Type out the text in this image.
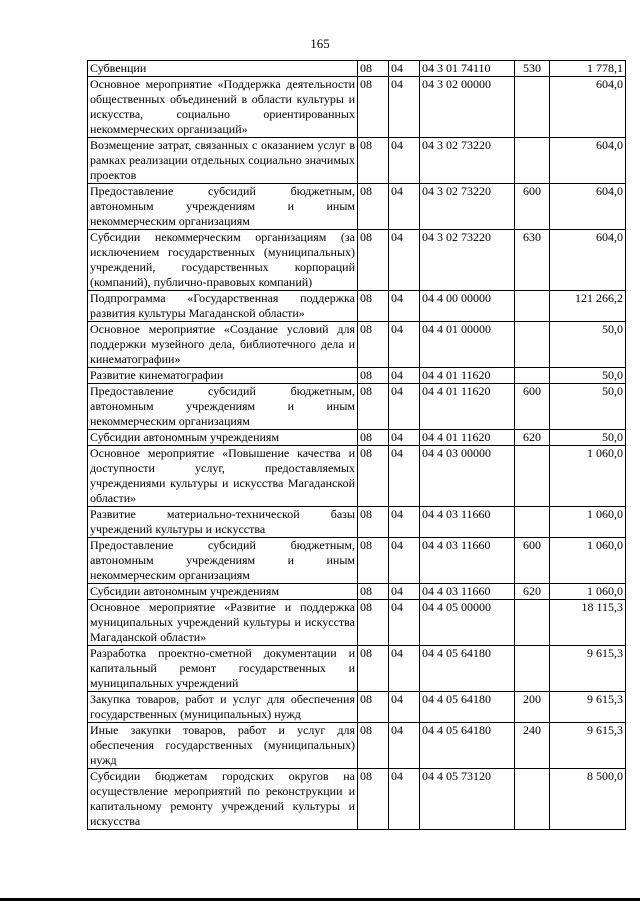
165
Субвенции	08	04	04 3 01 74110	530	1 778,1
Основное мероприятие «Поддержка деятельности общественных объединений в области культуры и искусства, социально ориентированных некоммерческих организаций»	08	04	04 3 02 00000		604,0
Возмещение затрат, связанных с оказанием услуг в рамках реализации отдельных социально значимых проектов	08	04	04 3 02 73220		604,0
Предоставление субсидий бюджетным, автономным учреждениям и иным некоммерческим организациям	08	04	04 3 02 73220	600	604,0
Субсидии некоммерческим организациям (за исключением государственных (муниципальных) учреждений, государственных корпораций (компаний), публично-правовых компаний)	08	04	04 3 02 73220	630	604,0
Подпрограмма «Государственная поддержка развития культуры Магаданской области»	08	04	04 4 00 00000		121 266,2
Основное мероприятие «Создание условий для поддержки музейного дела, библиотечного дела и кинематографии»	08	04	04 4 01 00000		50,0
Развитие кинематографии	08	04	04 4 01 11620		50,0
Предоставление субсидий бюджетным, автономным учреждениям и иным некоммерческим организациям	08	04	04 4 01 11620	600	50,0
Субсидии автономным учреждениям	08	04	04 4 01 11620	620	50,0
Основное мероприятие «Повышение качества и доступности услуг, предоставляемых учреждениями культуры и искусства Магаданской области»	08	04	04 4 03 00000		1 060,0
Развитие материально-технической базы учреждений культуры и искусства	08	04	04 4 03 11660		1 060,0
Предоставление субсидий бюджетным, автономным учреждениям и иным некоммерческим организациям	08	04	04 4 03 11660	600	1 060,0
Субсидии автономным учреждениям	08	04	04 4 03 11660	620	1 060,0
Основное мероприятие «Развитие и поддержка муниципальных учреждений культуры и искусства Магаданской области»	08	04	04 4 05 00000		18 115,3
Разработка проектно-сметной документации и капитальный ремонт государственных и муниципальных учреждений	08	04	04 4 05 64180		9 615,3
Закупка товаров, работ и услуг для обеспечения государственных (муниципальных) нужд	08	04	04 4 05 64180	200	9 615,3
Иные закупки товаров, работ и услуг для обеспечения государственных (муниципальных) нужд	08	04	04 4 05 64180	240	9 615,3
Субсидии бюджетам городских округов на осуществление мероприятий по реконструкции и капитальному ремонту учреждений культуры и искусства	08	04	04 4 05 73120		8 500,0
